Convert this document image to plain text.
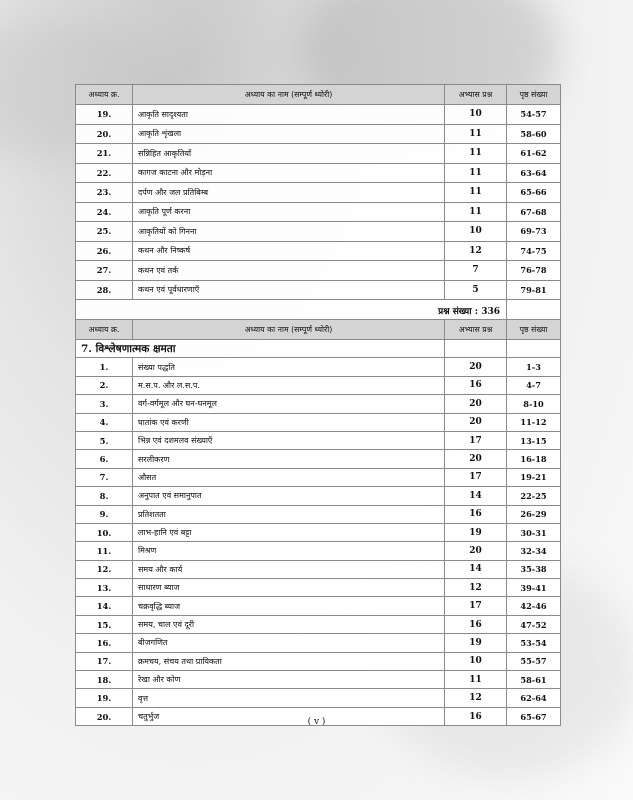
अध्याय क्र.	अध्याय का नाम (सम्पूर्ण थ्योरी)	अभ्यास प्रश्न	पृष्ठ संख्या
19.	आकृति सादृश्यता	10	54-57
20.	आकृति शृंखला	11	58-60
21.	सन्निहित आकृतियाँ	11	61-62
22.	कागज काटना और मोड़ना	11	63-64
23.	दर्पण और जल प्रतिबिम्ब	11	65-66
24.	आकृति पूर्ण करना	11	67-68
25.	आकृतियों को गिनना	10	69-73
26.	कथन और निष्कर्ष	12	74-75
27.	कथन एवं तर्क	7	76-78
28.	कथन एवं पूर्वधारणाएँ	5	79-81
प्रश्न संख्या : 336			
अध्याय क्र.	अध्याय का नाम (सम्पूर्ण थ्योरी)	अभ्यास प्रश्न	पृष्ठ संख्या
7. विश्लेषणात्मक क्षमता			
1.	संख्या पद्धति	20	1-3
2.	म.स.प. और ल.स.प.	16	4-7
3.	वर्ग-वर्गमूल और घन-घनमूल	20	8-10
4.	घातांक एवं करणी	20	11-12
5.	भिन्न एवं दशमलव संख्याएँ	17	13-15
6.	सरलीकरण	20	16-18
7.	औसत	17	19-21
8.	अनुपात एवं समानुपात	14	22-25
9.	प्रतिशतता	16	26-29
10.	लाभ-हानि एवं बट्टा	19	30-31
11.	मिश्रण	20	32-34
12.	समय और कार्य	14	35-38
13.	साधारण ब्याज	12	39-41
14.	चक्रवृद्धि ब्याज	17	42-46
15.	समय, चाल एवं दूरी	16	47-52
16.	बीजगणित	19	53-54
17.	क्रमचय, संचय तथा प्रायिकता	10	55-57
18.	रेखा और कोण	11	58-61
19.	वृत्त	12	62-64
20.	चतुर्भुज	16	65-67
( v )
